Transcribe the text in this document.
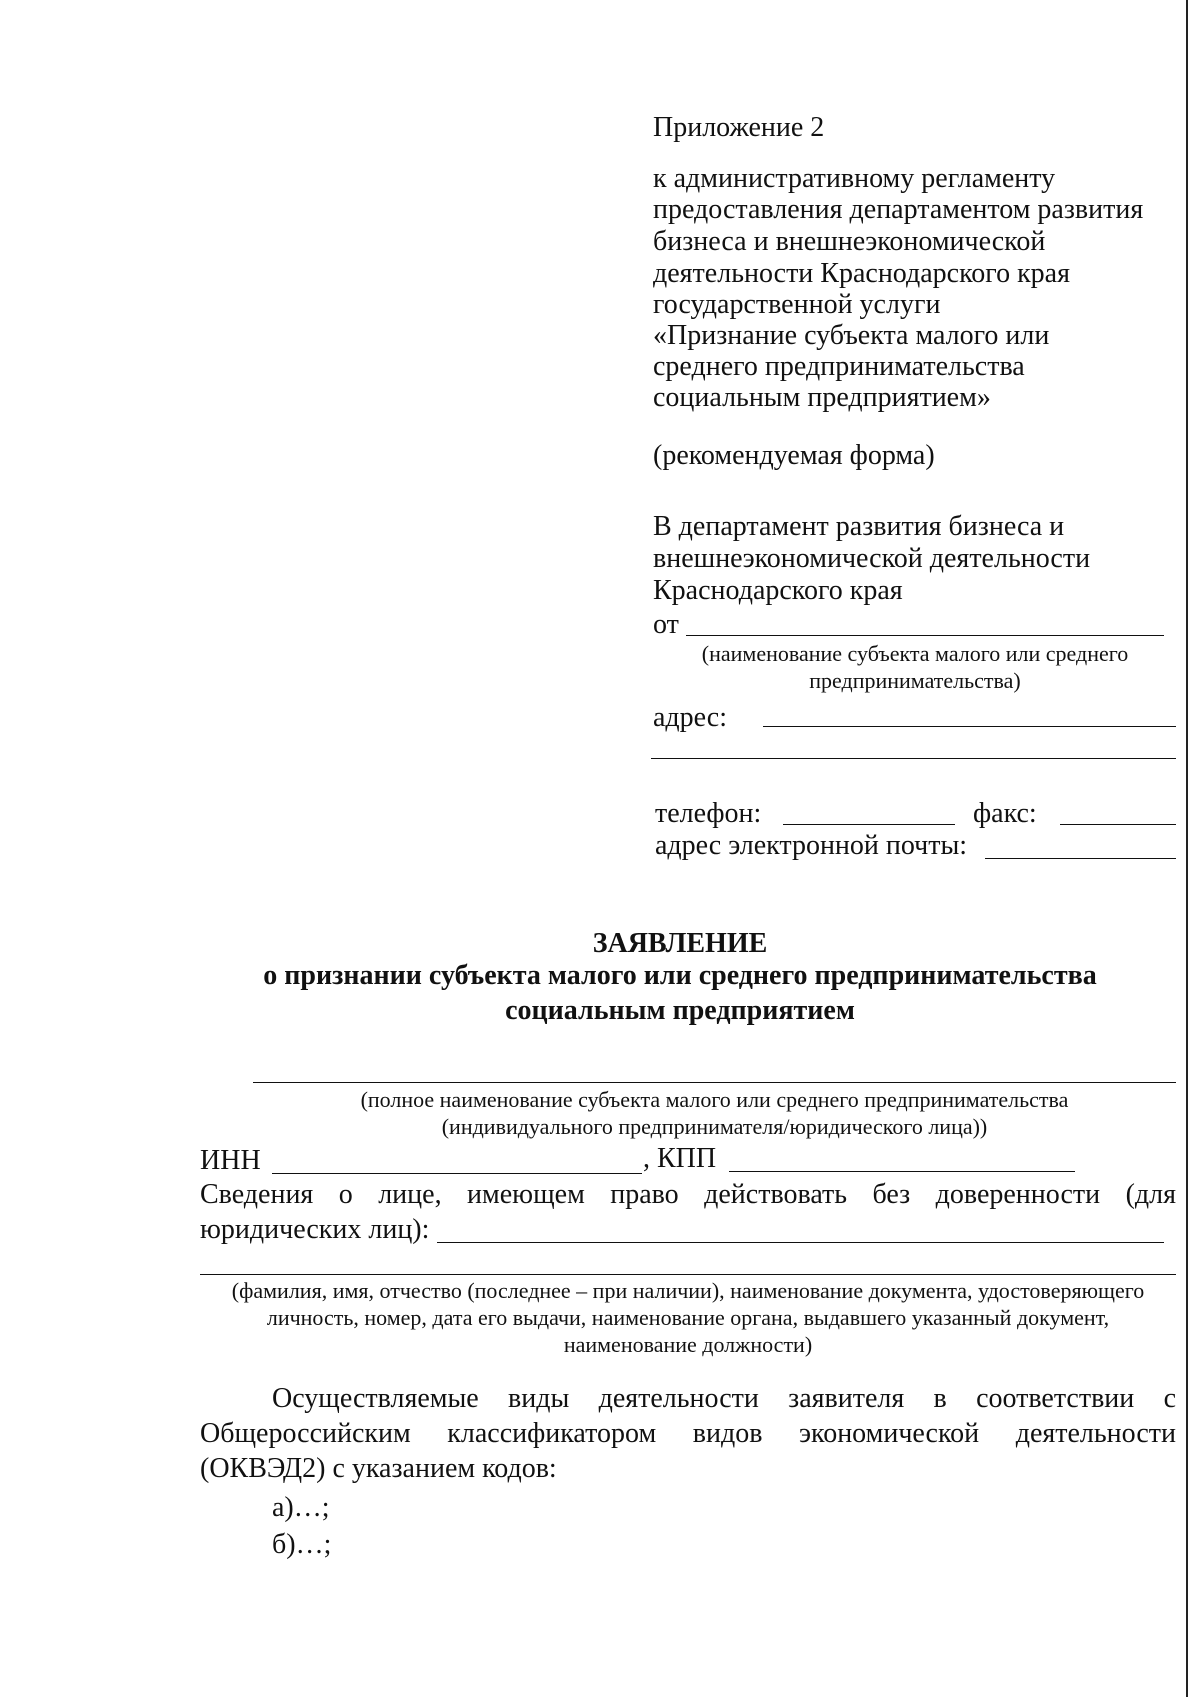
Приложение 2
к административному регламенту
предоставления департаментом развития
бизнеса и внешнеэкономической
деятельности Краснодарского края
государственной услуги
«Признание субъекта малого или
среднего предпринимательства
социальным предприятием»
(рекомендуемая форма)
В департамент развития бизнеса и
внешнеэкономической деятельности
Краснодарского края
от
(наименование субъекта малого или среднего
предпринимательства)
адрес:
телефон:	факс:
адрес электронной почты:
ЗАЯВЛЕНИЕ
о признании субъекта малого или среднего предпринимательства
социальным предприятием
(полное наименование субъекта малого или среднего предпринимательства
(индивидуального предпринимателя/юридического лица))
ИНН	, КПП
Сведения о лице, имеющем право действовать без доверенности (для
юридических лиц):
(фамилия, имя, отчество (последнее – при наличии), наименование документа, удостоверяющего
личность, номер, дата его выдачи, наименование органа, выдавшего указанный документ,
наименование должности)
Осуществляемые виды деятельности заявителя в соответствии с
Общероссийским классификатором видов экономической деятельности
(ОКВЭД2) с указанием кодов:
а)…;
б)…;
